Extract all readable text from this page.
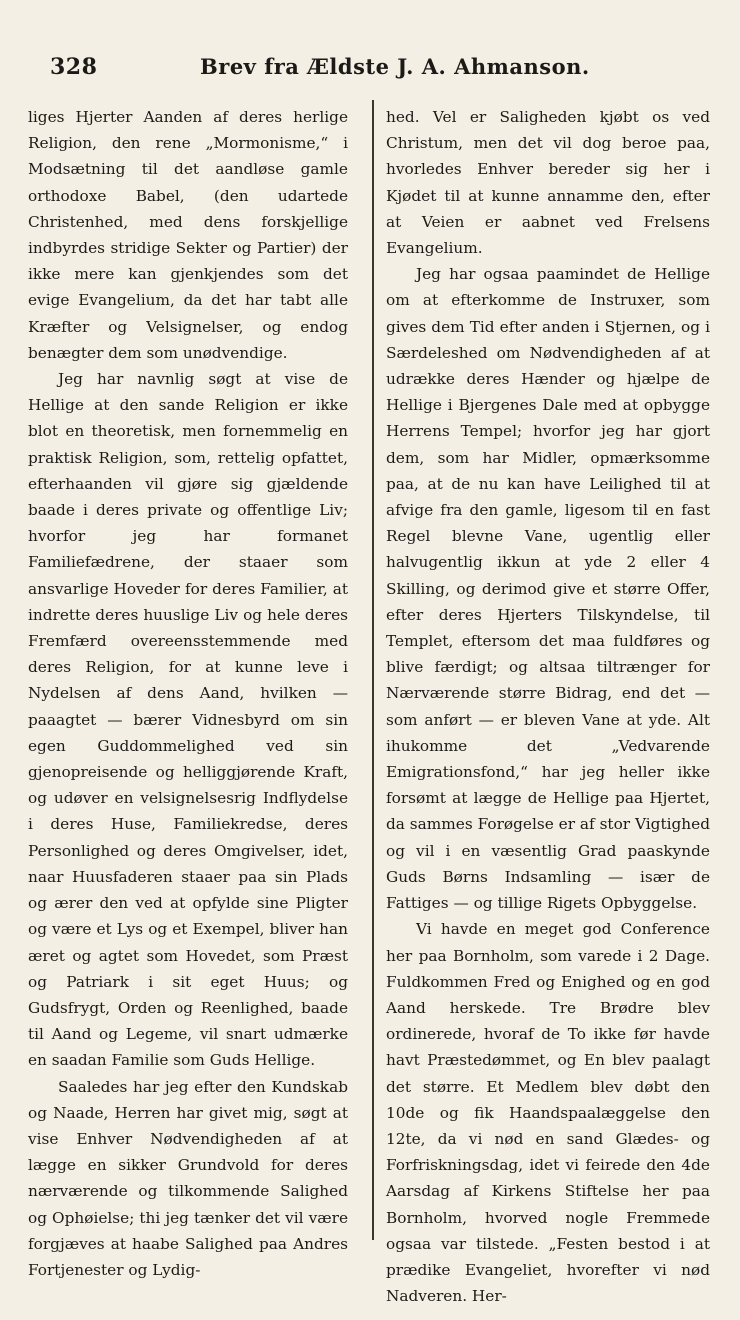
328	Brev fra Ældste J. A. Ahmanson.

liges Hjerter Aanden af deres herlige Religion, den rene „Mormonisme,“ i Modsætning til det aandløse gamle orthodoxe Babel, (den udartede Christenhed, med dens forskjellige indbyrdes stridige Sekter og Partier) der ikke mere kan gjenkjendes som det evige Evangelium, da det har tabt alle Kræfter og Velsignelser, og endog benægter dem som unødvendige.

Jeg har navnlig søgt at vise de Hellige at den sande Religion er ikke blot en theoretisk, men fornemmelig en praktisk Religion, som, rettelig opfattet, efterhaanden vil gjøre sig gjældende baade i deres private og offentlige Liv; hvorfor jeg har formanet Familiefædrene, der staaer som ansvarlige Hoveder for deres Familier, at indrette deres huuslige Liv og hele deres Fremfærd overeensstemmende med deres Religion, for at kunne leve i Nydelsen af dens Aand, hvilken — paaagtet — bærer Vidnesbyrd om sin egen Guddommelighed ved sin gjenopreisende og helliggjørende Kraft, og udøver en velsignelsesrig Indflydelse i deres Huse, Familiekredse, deres Personlighed og deres Omgivelser, idet, naar Huusfaderen staaer paa sin Plads og ærer den ved at opfylde sine Pligter og være et Lys og et Exempel, bliver han æret og agtet som Hovedet, som Præst og Patriark i sit eget Huus; og Gudsfrygt, Orden og Reenlighed, baade til Aand og Legeme, vil snart udmærke en saadan Familie som Guds Hellige.

Saaledes har jeg efter den Kundskab og Naade, Herren har givet mig, søgt at vise Enhver Nødvendigheden af at lægge en sikker Grundvold for deres nærværende og tilkommende Salighed og Ophøielse; thi jeg tænker det vil være forgjæves at haabe Salighed paa Andres Fortjenester og Lydig-

hed. Vel er Saligheden kjøbt os ved Christum, men det vil dog beroe paa, hvorledes Enhver bereder sig her i Kjødet til at kunne annamme den, efter at Veien er aabnet ved Frelsens Evangelium.

Jeg har ogsaa paamindet de Hellige om at efterkomme de Instruxer, som gives dem Tid efter anden i Stjernen, og i Særdeleshed om Nødvendigheden af at udrække deres Hænder og hjælpe de Hellige i Bjergenes Dale med at opbygge Herrens Tempel; hvorfor jeg har gjort dem, som har Midler, opmærksomme paa, at de nu kan have Leilighed til at afvige fra den gamle, ligesom til en fast Regel blevne Vane, ugentlig eller halvugentlig ikkun at yde 2 eller 4 Skilling, og derimod give et større Offer, efter deres Hjerters Tilskyndelse, til Templet, eftersom det maa fuldføres og blive færdigt; og altsaa tiltrænger for Nærværende større Bidrag, end det — som anført — er bleven Vane at yde. Alt ihukomme det „Vedvarende Emigrationsfond,“ har jeg heller ikke forsømt at lægge de Hellige paa Hjertet, da sammes Forøgelse er af stor Vigtighed og vil i en væsentlig Grad paaskynde Guds Børns Indsamling — især de Fattiges — og tillige Rigets Opbyggelse.

Vi havde en meget god Conference her paa Bornholm, som varede i 2 Dage. Fuldkommen Fred og Enighed og en god Aand herskede. Tre Brødre blev ordinerede, hvoraf de To ikke før havde havt Præstedømmet, og En blev paalagt det større. Et Medlem blev døbt den 10de og fik Haandspaalæggelse den 12te, da vi nød en sand Glædes- og Forfriskningsdag, idet vi feirede den 4de Aarsdag af Kirkens Stiftelse her paa Bornholm, hvorved nogle Fremmede ogsaa var tilstede. „Festen bestod i at prædike Evangeliet, hvorefter vi nød Nadveren. Her-
